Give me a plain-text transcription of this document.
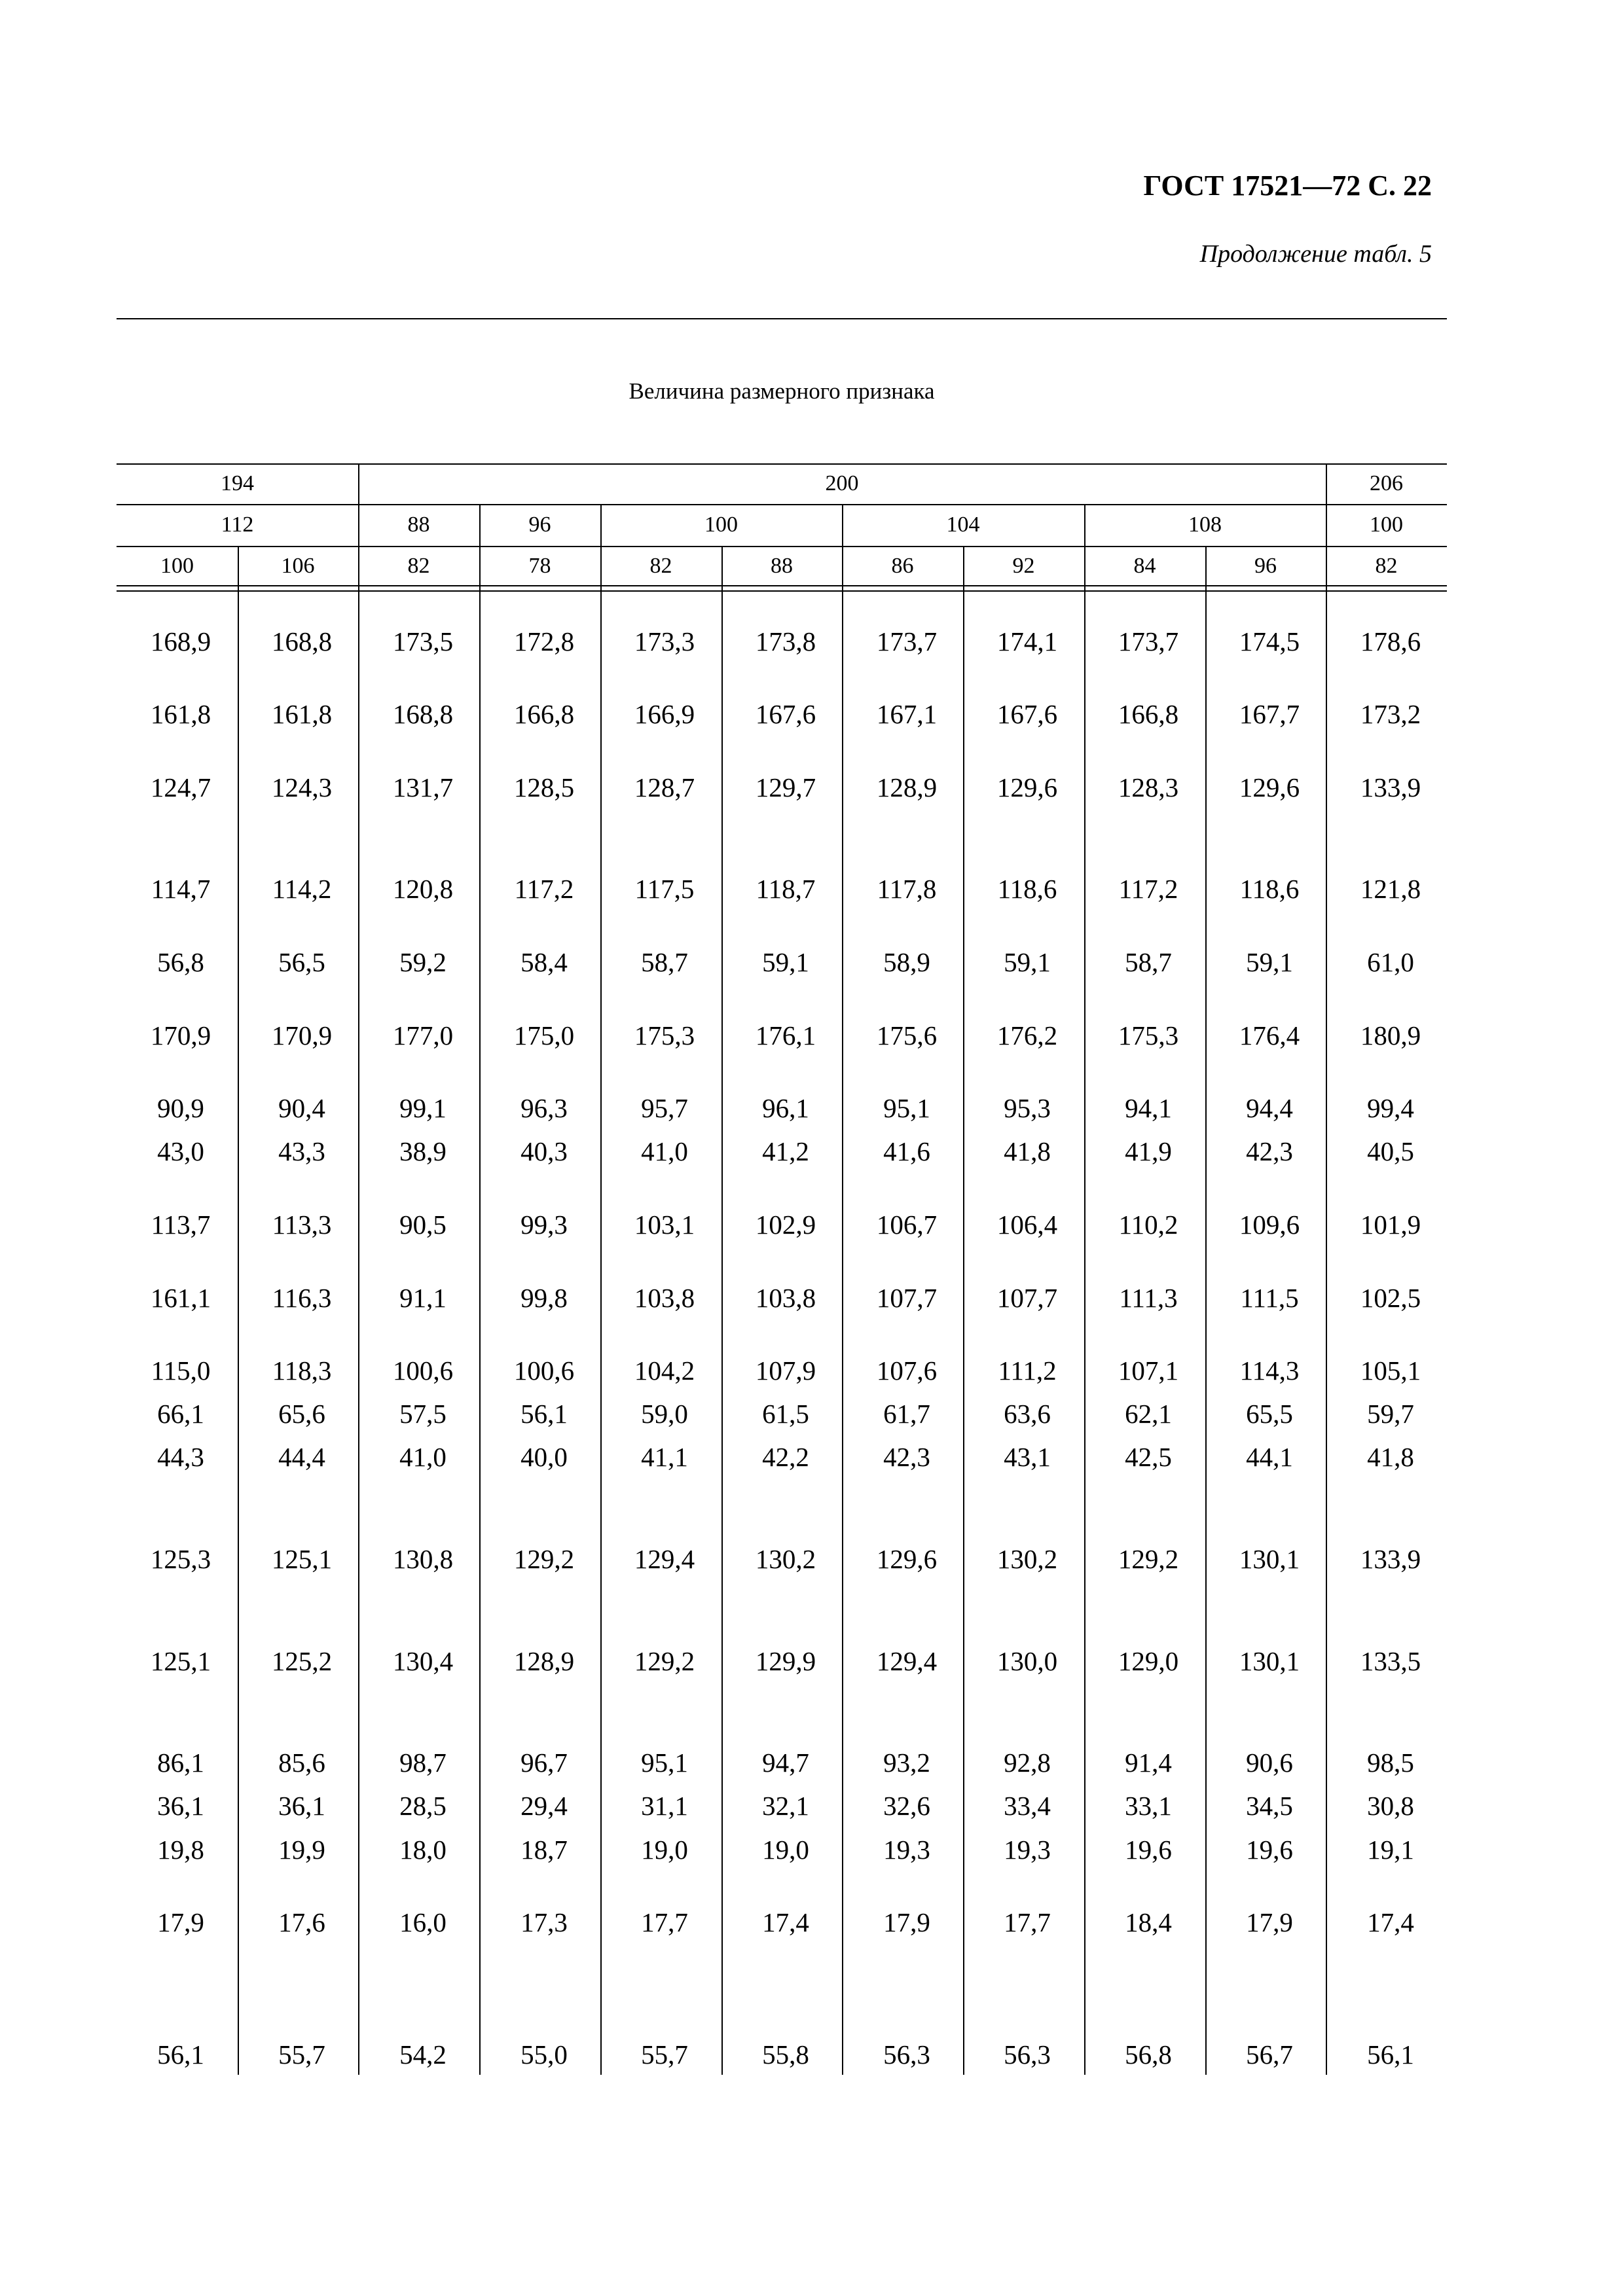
ГОСТ 17521—72 С. 22
Продолжение табл. 5
Величина размерного признака
194	200	206
112	88	96	100	104	108	100
100	106	82	78	82	88	86	92	84	96	82
168,9	168,8	173,5	172,8	173,3	173,8	173,7	174,1	173,7	174,5	178,6
161,8	161,8	168,8	166,8	166,9	167,6	167,1	167,6	166,8	167,7	173,2
124,7	124,3	131,7	128,5	128,7	129,7	128,9	129,6	128,3	129,6	133,9
114,7	114,2	120,8	117,2	117,5	118,7	117,8	118,6	117,2	118,6	121,8
56,8	56,5	59,2	58,4	58,7	59,1	58,9	59,1	58,7	59,1	61,0
170,9	170,9	177,0	175,0	175,3	176,1	175,6	176,2	175,3	176,4	180,9
90,9	90,4	99,1	96,3	95,7	96,1	95,1	95,3	94,1	94,4	99,4
43,0	43,3	38,9	40,3	41,0	41,2	41,6	41,8	41,9	42,3	40,5
113,7	113,3	90,5	99,3	103,1	102,9	106,7	106,4	110,2	109,6	101,9
161,1	116,3	91,1	99,8	103,8	103,8	107,7	107,7	111,3	111,5	102,5
115,0	118,3	100,6	100,6	104,2	107,9	107,6	111,2	107,1	114,3	105,1
66,1	65,6	57,5	56,1	59,0	61,5	61,7	63,6	62,1	65,5	59,7
44,3	44,4	41,0	40,0	41,1	42,2	42,3	43,1	42,5	44,1	41,8
125,3	125,1	130,8	129,2	129,4	130,2	129,6	130,2	129,2	130,1	133,9
125,1	125,2	130,4	128,9	129,2	129,9	129,4	130,0	129,0	130,1	133,5
86,1	85,6	98,7	96,7	95,1	94,7	93,2	92,8	91,4	90,6	98,5
36,1	36,1	28,5	29,4	31,1	32,1	32,6	33,4	33,1	34,5	30,8
19,8	19,9	18,0	18,7	19,0	19,0	19,3	19,3	19,6	19,6	19,1
17,9	17,6	16,0	17,3	17,7	17,4	17,9	17,7	18,4	17,9	17,4
56,1	55,7	54,2	55,0	55,7	55,8	56,3	56,3	56,8	56,7	56,1
